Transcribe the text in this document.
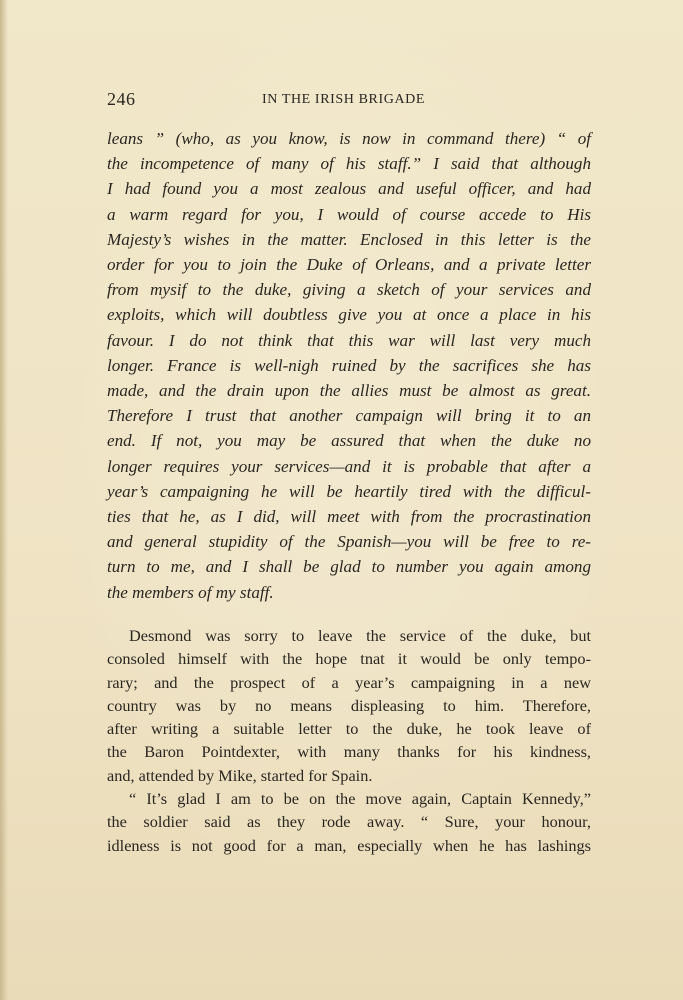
246	IN THE IRISH BRIGADE
leans ” (who, as you know, is now in command there) “ of
the incompetence of many of his staff.” I said that although
I had found you a most zealous and useful officer, and had
a warm regard for you, I would of course accede to His
Majesty’s wishes in the matter. Enclosed in this letter is the
order for you to join the Duke of Orleans, and a private letter
from mysif to the duke, giving a sketch of your services and
exploits, which will doubtless give you at once a place in his
favour. I do not think that this war will last very much
longer. France is well-nigh ruined by the sacrifices she has
made, and the drain upon the allies must be almost as great.
Therefore I trust that another campaign will bring it to an
end. If not, you may be assured that when the duke no
longer requires your services—and it is probable that after a
year’s campaigning he will be heartily tired with the difficul-
ties that he, as I did, will meet with from the procrastination
and general stupidity of the Spanish—you will be free to re-
turn to me, and I shall be glad to number you again among
the members of my staff.
Desmond was sorry to leave the service of the duke, but
consoled himself with the hope tnat it would be only tempo-
rary; and the prospect of a year’s campaigning in a new
country was by no means displeasing to him. Therefore,
after writing a suitable letter to the duke, he took leave of
the Baron Pointdexter, with many thanks for his kindness,
and, attended by Mike, started for Spain.
“ It’s glad I am to be on the move again, Captain Kennedy,”
the soldier said as they rode away. “ Sure, your honour,
idleness is not good for a man, especially when he has lashings
